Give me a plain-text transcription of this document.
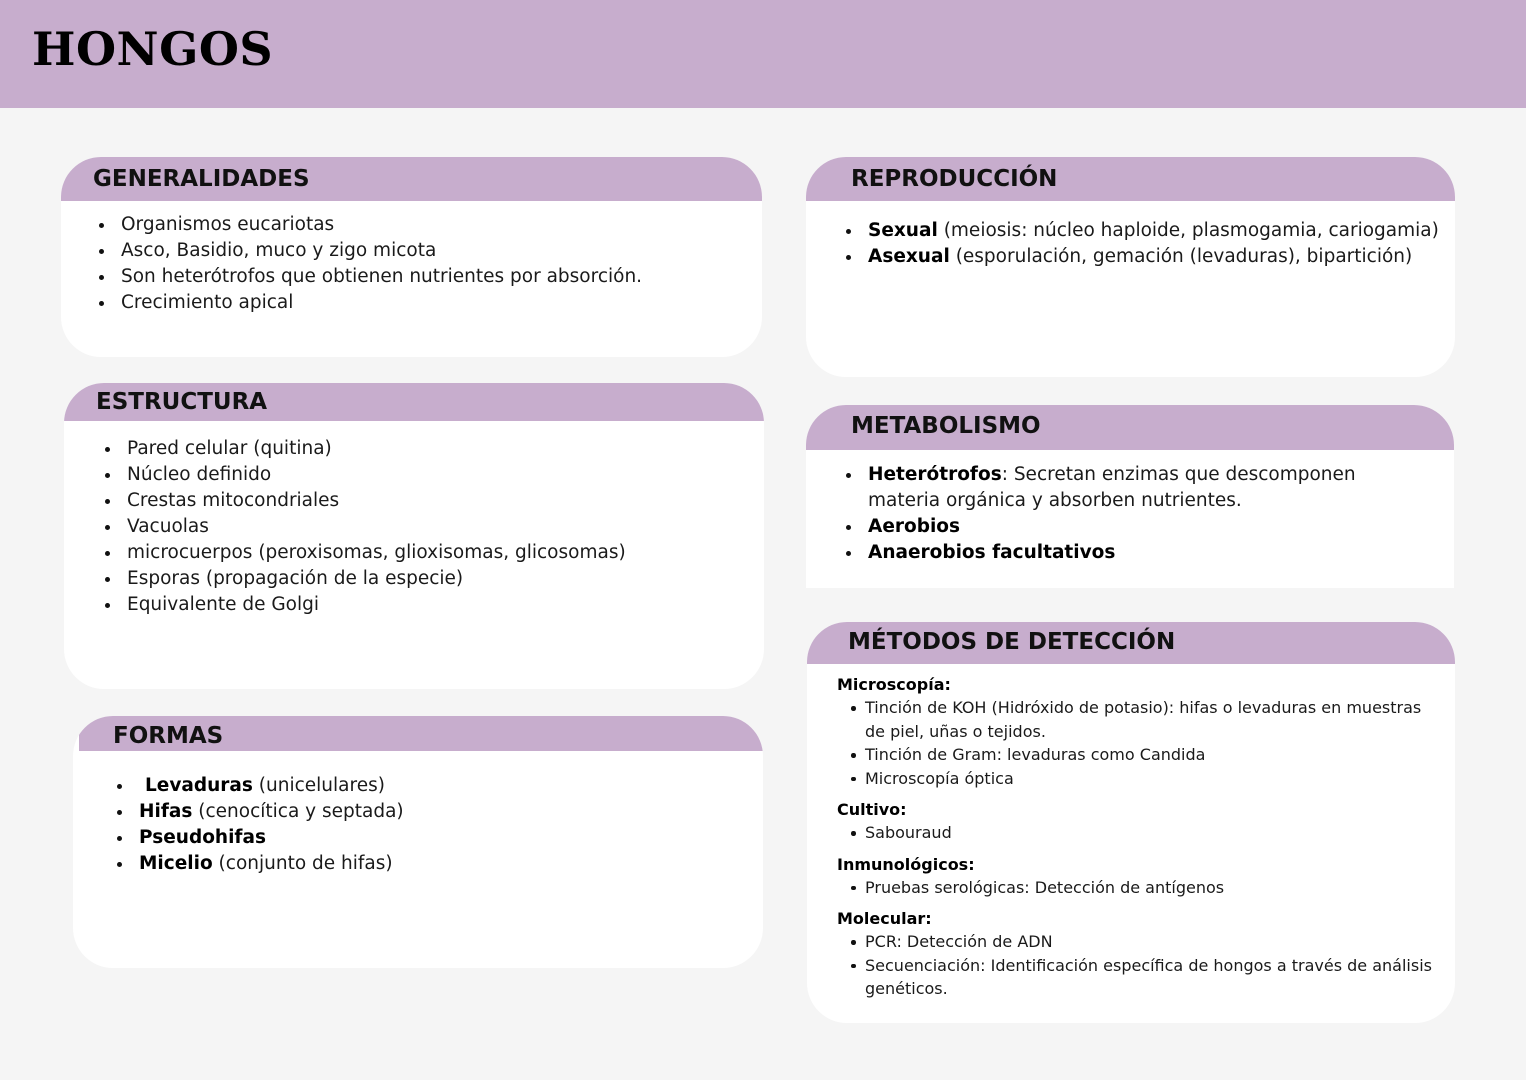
HONGOS
GENERALIDADES
Organismos eucariotas
Asco, Basidio, muco y zigo micota
Son heterótrofos que obtienen nutrientes por absorción.
Crecimiento apical
ESTRUCTURA
Pared celular (quitina)
Núcleo definido
Crestas mitocondriales
Vacuolas
microcuerpos (peroxisomas, glioxisomas, glicosomas)
Esporas (propagación de la especie)
Equivalente de Golgi
FORMAS
Levaduras (unicelulares)
Hifas (cenocítica y septada)
Pseudohifas
Micelio (conjunto de hifas)
REPRODUCCIÓN
Sexual (meiosis: núcleo haploide, plasmogamia, cariogamia)
Asexual (esporulación, gemación (levaduras), bipartición)
METABOLISMO
Heterótrofos: Secretan enzimas que descomponen materia orgánica y absorben nutrientes.
Aerobios
Anaerobios facultativos
MÉTODOS DE DETECCIÓN
Microscopía:
Tinción de KOH (Hidróxido de potasio): hifas o levaduras en muestras de piel, uñas o tejidos.
Tinción de Gram: levaduras como Candida
Microscopía óptica
Cultivo:
Sabouraud
Inmunológicos:
Pruebas serológicas: Detección de antígenos
Molecular:
PCR: Detección de ADN
Secuenciación: Identificación específica de hongos a través de análisis genéticos.
